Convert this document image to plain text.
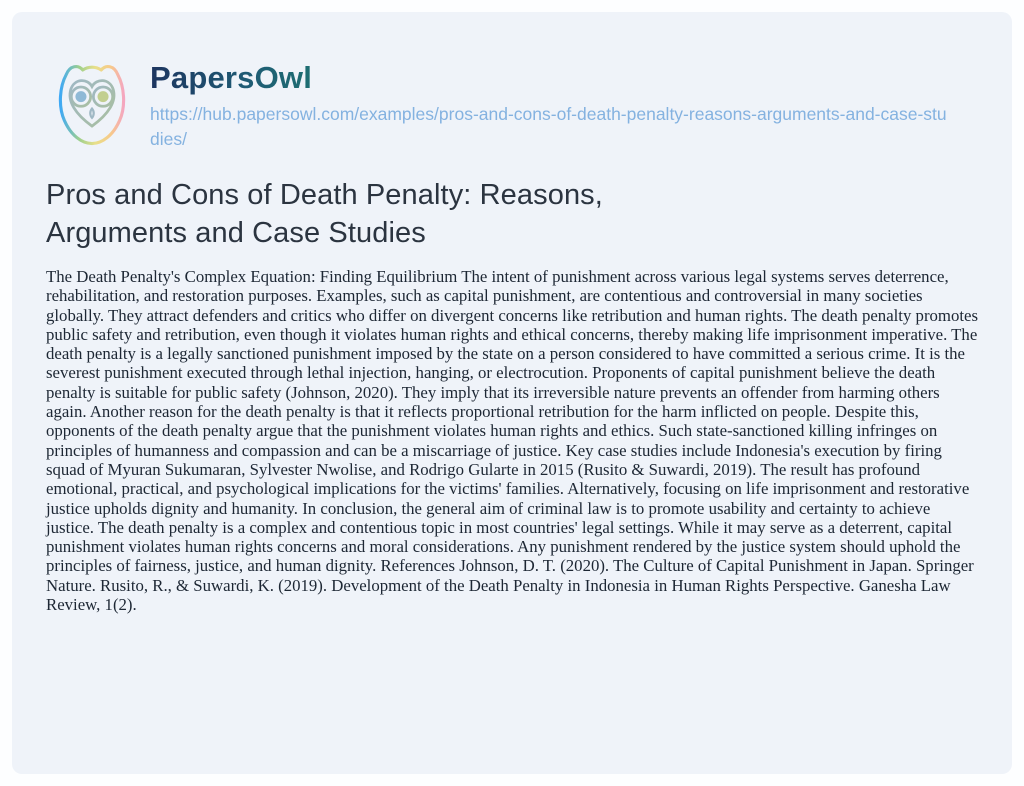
PapersOwl
https://hub.papersowl.com/examples/pros-and-cons-of-death-penalty-reasons-arguments-and-case-studies/
Pros and Cons of Death Penalty: Reasons, Arguments and Case Studies

The Death Penalty's Complex Equation: Finding Equilibrium The intent of punishment across various legal systems serves deterrence, rehabilitation, and restoration purposes. Examples, such as capital punishment, are contentious and controversial in many societies globally. They attract defenders and critics who differ on divergent concerns like retribution and human rights. The death penalty promotes public safety and retribution, even though it violates human rights and ethical concerns, thereby making life imprisonment imperative. The death penalty is a legally sanctioned punishment imposed by the state on a person considered to have committed a serious crime. It is the severest punishment executed through lethal injection, hanging, or electrocution. Proponents of capital punishment believe the death penalty is suitable for public safety (Johnson, 2020). They imply that its irreversible nature prevents an offender from harming others again. Another reason for the death penalty is that it reflects proportional retribution for the harm inflicted on people. Despite this, opponents of the death penalty argue that the punishment violates human rights and ethics. Such state-sanctioned killing infringes on principles of humanness and compassion and can be a miscarriage of justice. Key case studies include Indonesia's execution by firing squad of Myuran Sukumaran, Sylvester Nwolise, and Rodrigo Gularte in 2015 (Rusito & Suwardi, 2019). The result has profound emotional, practical, and psychological implications for the victims' families. Alternatively, focusing on life imprisonment and restorative justice upholds dignity and humanity. In conclusion, the general aim of criminal law is to promote usability and certainty to achieve justice. The death penalty is a complex and contentious topic in most countries' legal settings. While it may serve as a deterrent, capital punishment violates human rights concerns and moral considerations. Any punishment rendered by the justice system should uphold the principles of fairness, justice, and human dignity. References Johnson, D. T. (2020). The Culture of Capital Punishment in Japan. Springer Nature. Rusito, R., & Suwardi, K. (2019). Development of the Death Penalty in Indonesia in Human Rights Perspective. Ganesha Law Review, 1(2).
